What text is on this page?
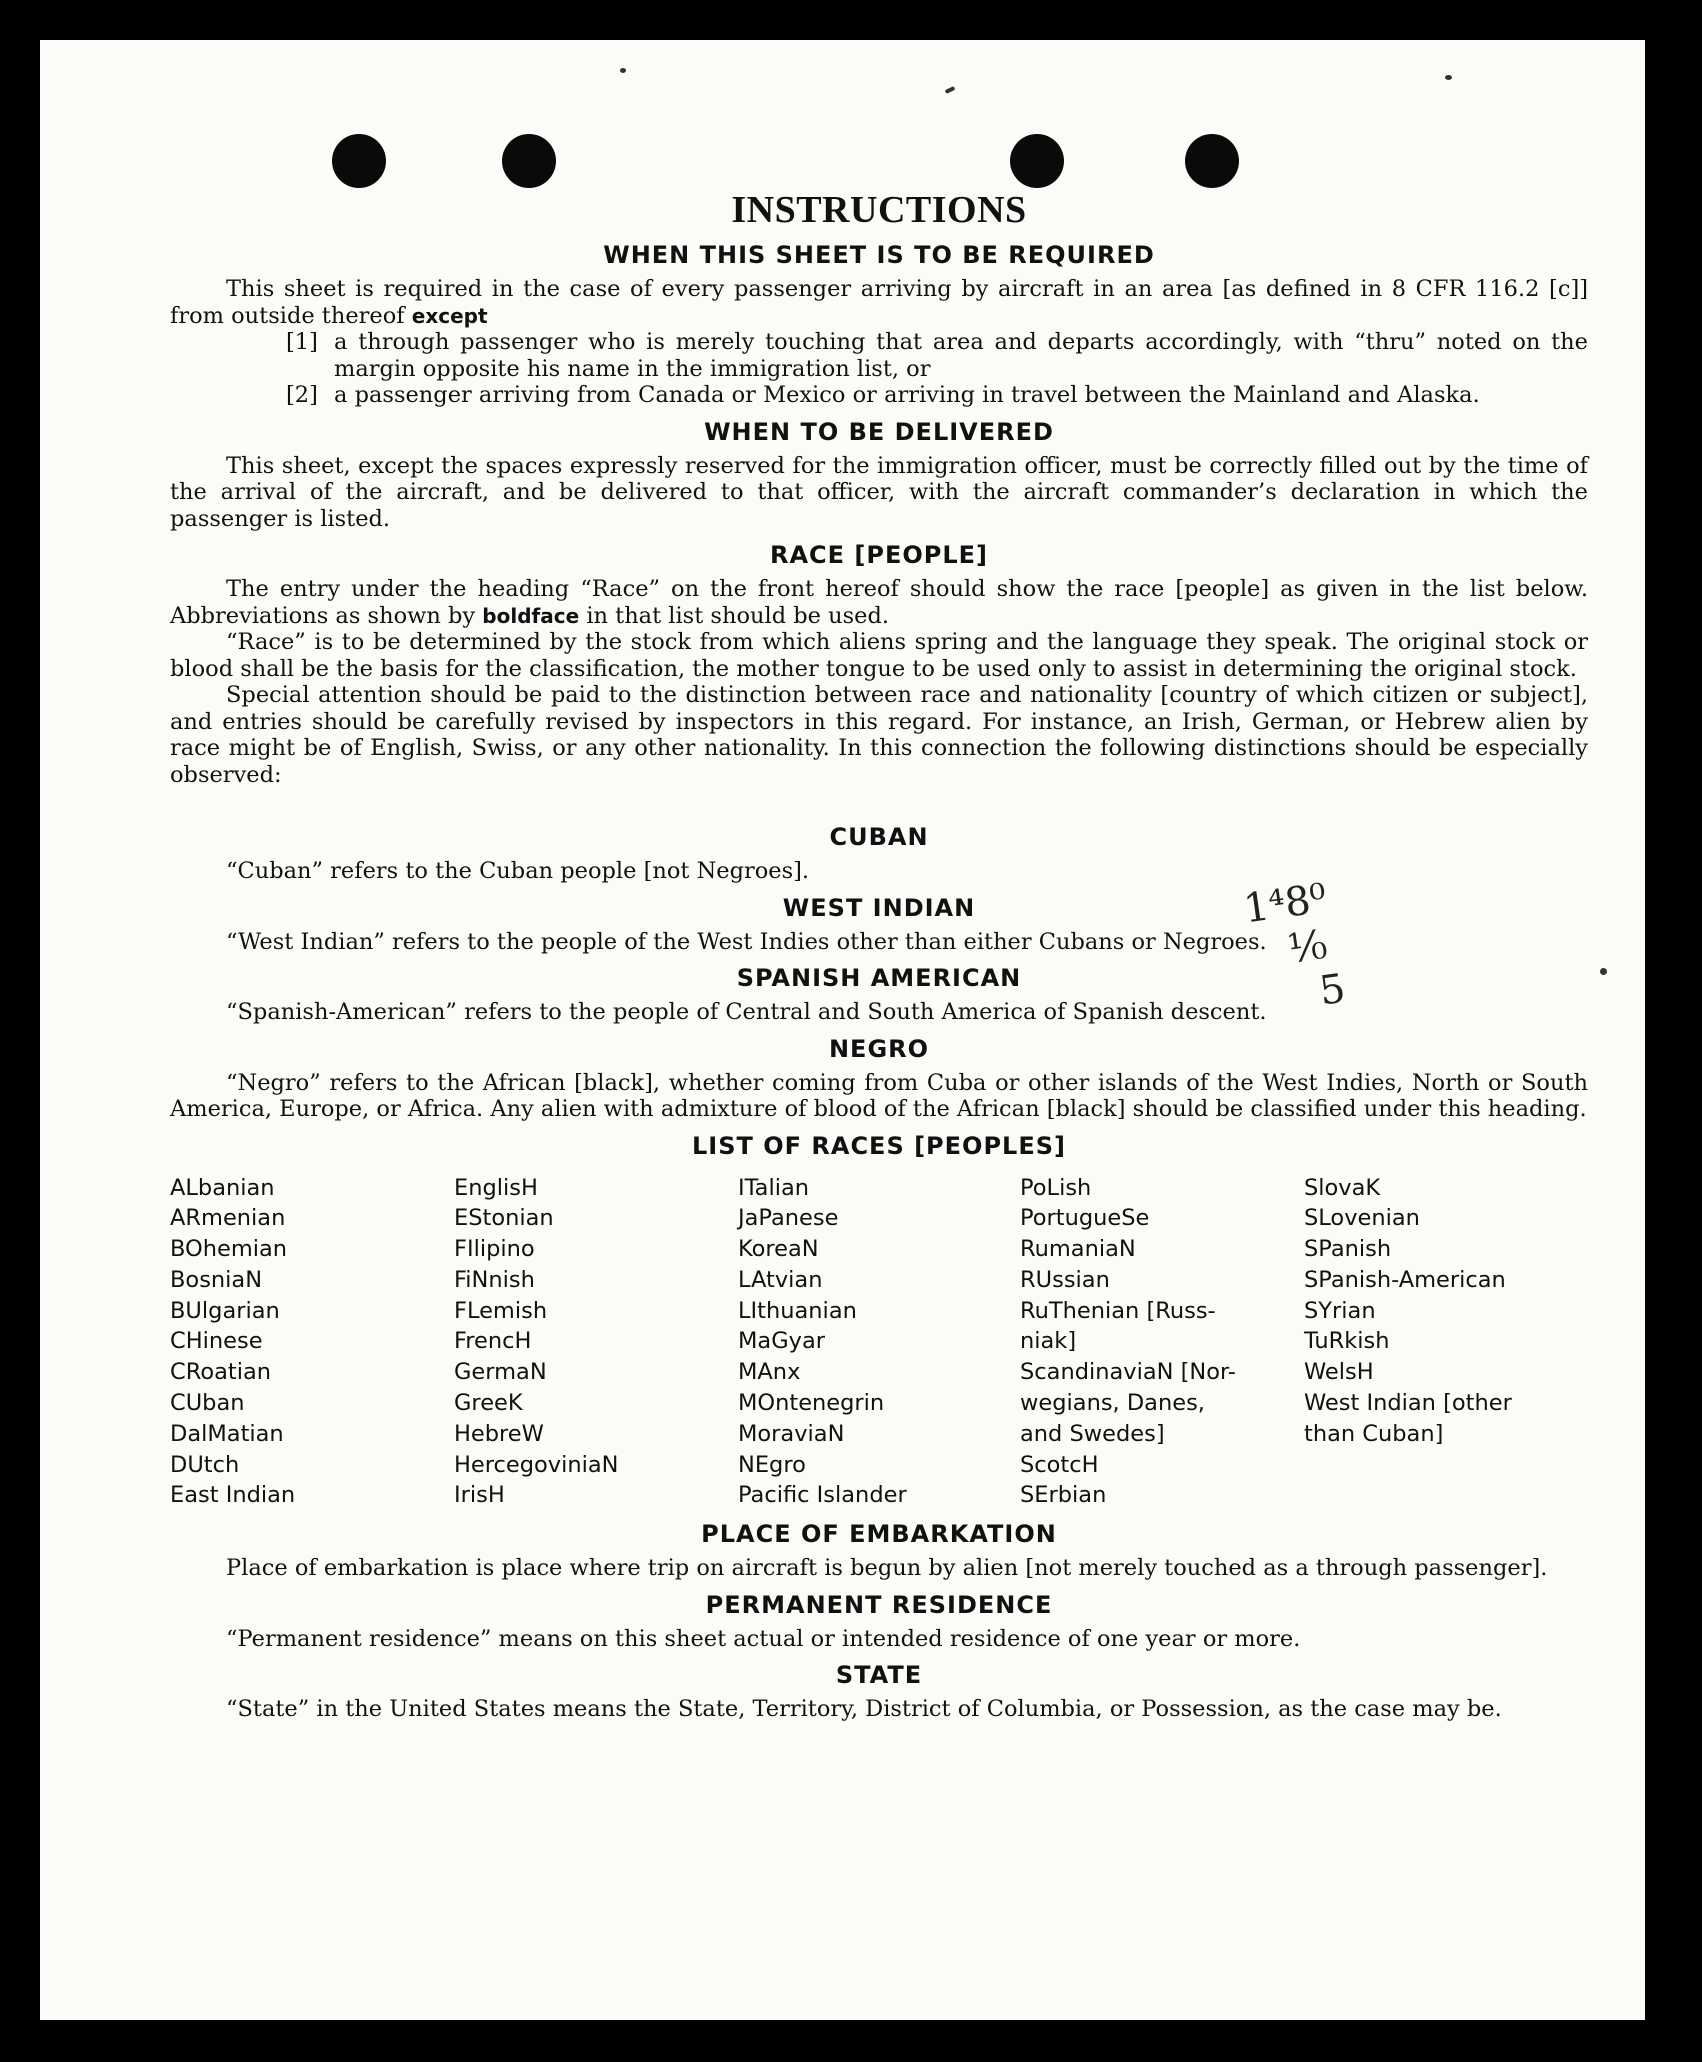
1⁴8⁰
¹⁄₀
5
INSTRUCTIONS
WHEN THIS SHEET IS TO BE REQUIRED

This sheet is required in the case of every passenger arriving by aircraft in an area [as defined in 8 CFR 116.2 [c]] from outside thereof except

[1] a through passenger who is merely touching that area and departs accordingly, with “thru” noted on the margin opposite his name in the immigration list, or
[2] a passenger arriving from Canada or Mexico or arriving in travel between the Mainland and Alaska.
WHEN TO BE DELIVERED

This sheet, except the spaces expressly reserved for the immigration officer, must be correctly filled out by the time of the arrival of the aircraft, and be delivered to that officer, with the aircraft commander’s declaration in which the passenger is listed.

RACE [PEOPLE]

The entry under the heading “Race” on the front hereof should show the race [people] as given in the list below. Abbreviations as shown by boldface in that list should be used.

“Race” is to be determined by the stock from which aliens spring and the language they speak. The original stock or blood shall be the basis for the classification, the mother tongue to be used only to assist in determining the original stock.

Special attention should be paid to the distinction between race and nationality [country of which citizen or subject], and entries should be carefully revised by inspectors in this regard. For instance, an Irish, German, or Hebrew alien by race might be of English, Swiss, or any other nationality. In this connection the following distinctions should be especially observed:

CUBAN

“Cuban” refers to the Cuban people [not Negroes].

WEST INDIAN

“West Indian” refers to the people of the West Indies other than either Cubans or Negroes.

SPANISH AMERICAN

“Spanish-American” refers to the people of Central and South America of Spanish descent.

NEGRO

“Negro” refers to the African [black], whether coming from Cuba or other islands of the West Indies, North or South America, Europe, or Africa. Any alien with admixture of blood of the African [black] should be classified under this heading.

LIST OF RACES [PEOPLES]
ALbanian
ARmenian
BOhemian
BosniaN
BUlgarian
CHinese
CRoatian
CUban
DalMatian
DUtch
East Indian
EnglisH
EStonian
FIlipino
FiNnish
FLemish
FrencH
GermaN
GreeK
HebreW
HercegoviniaN
IrisH
ITalian
JaPanese
KoreaN
LAtvian
LIthuanian
MaGyar
MAnx
MOntenegrin
MoraviaN
NEgro
Pacific Islander
PoLish
PortugueSe
RumaniaN
RUssian
RuThenian [Russ-
niak]
ScandinaviaN [Nor-
wegians, Danes,
and Swedes]
ScotcH
SErbian
SlovaK
SLovenian
SPanish
SPanish-American
SYrian
TuRkish
WelsH
West Indian [other
than Cuban]
PLACE OF EMBARKATION

Place of embarkation is place where trip on aircraft is begun by alien [not merely touched as a through passenger].

PERMANENT RESIDENCE

“Permanent residence” means on this sheet actual or intended residence of one year or more.

STATE

“State” in the United States means the State, Territory, District of Columbia, or Possession, as the case may be.
